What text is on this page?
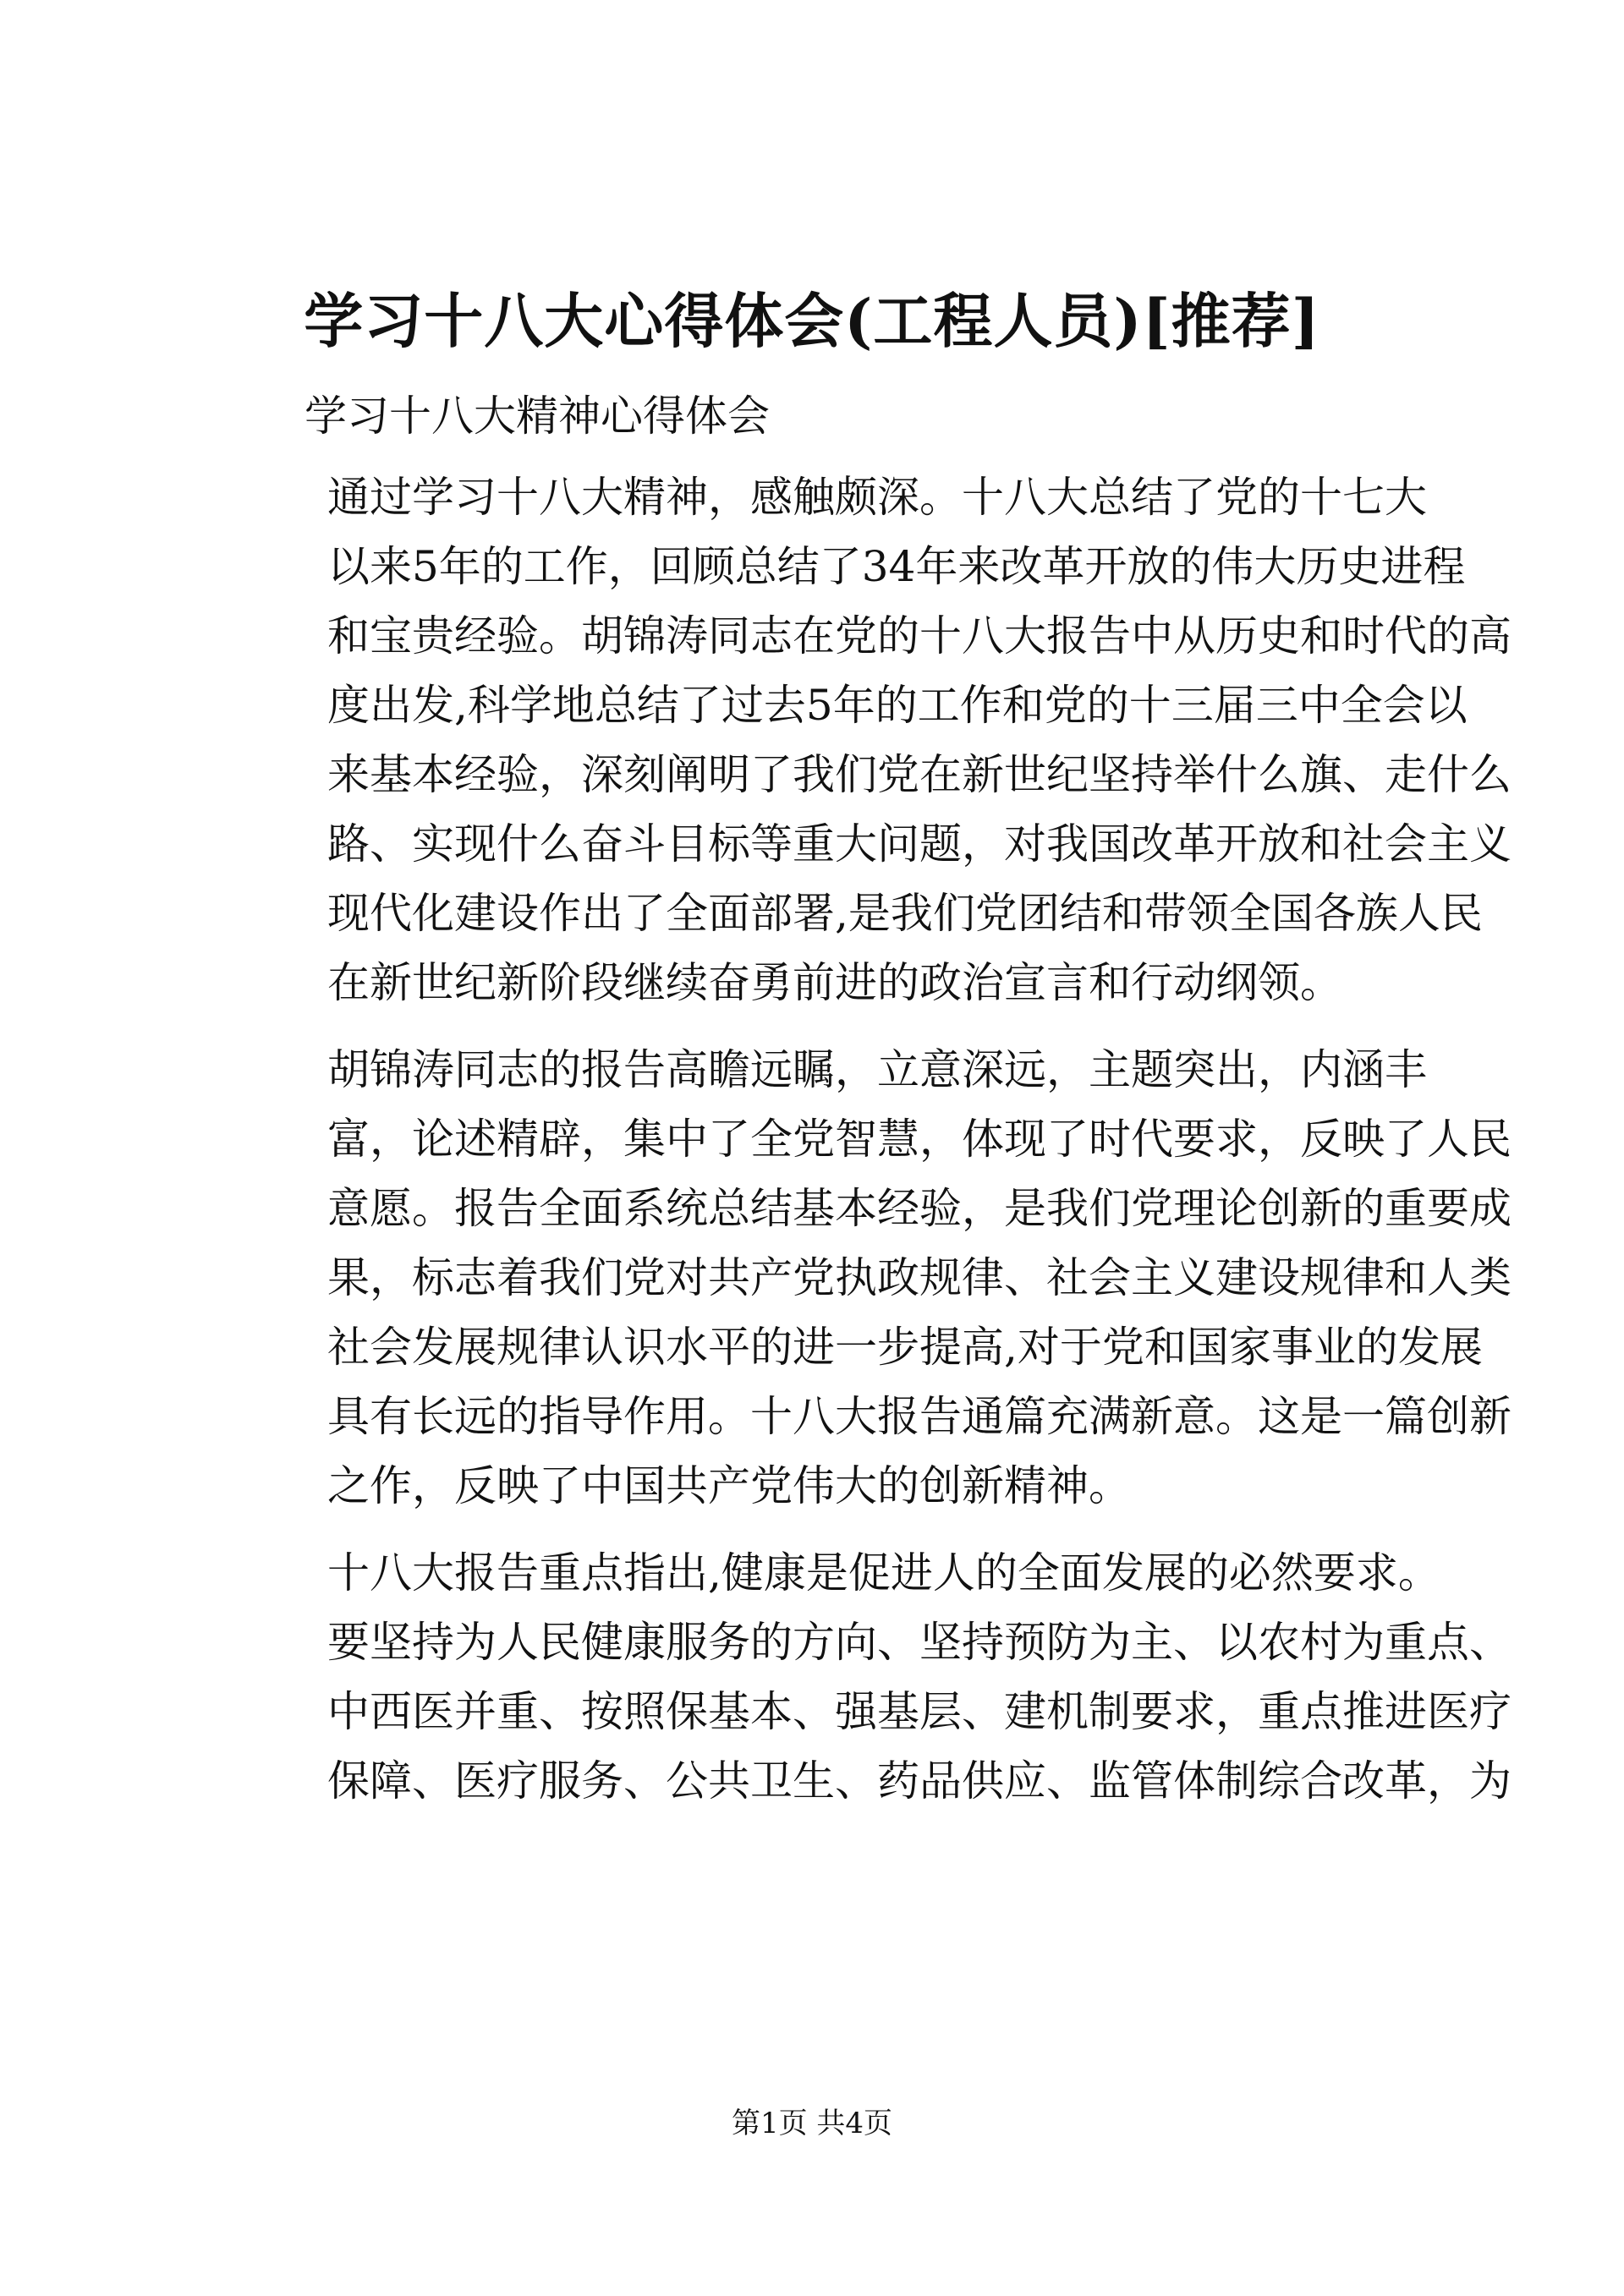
学习十八大心得体会(工程人员)[推荐]

学习十八大精神心得体会

通过学习十八大精神，感触颇深。十八大总结了党的十七大
以来5年的工作，回顾总结了34年来改革开放的伟大历史进程
和宝贵经验。胡锦涛同志在党的十八大报告中从历史和时代的高
度出发,科学地总结了过去5年的工作和党的十三届三中全会以
来基本经验，深刻阐明了我们党在新世纪坚持举什么旗、走什么
路、实现什么奋斗目标等重大问题，对我国改革开放和社会主义
现代化建设作出了全面部署,是我们党团结和带领全国各族人民
在新世纪新阶段继续奋勇前进的政治宣言和行动纲领。

胡锦涛同志的报告高瞻远瞩，立意深远，主题突出，内涵丰
富，论述精辟，集中了全党智慧，体现了时代要求，反映了人民
意愿。报告全面系统总结基本经验，是我们党理论创新的重要成
果，标志着我们党对共产党执政规律、社会主义建设规律和人类
社会发展规律认识水平的进一步提高,对于党和国家事业的发展
具有长远的指导作用。十八大报告通篇充满新意。这是一篇创新
之作，反映了中国共产党伟大的创新精神。

十八大报告重点指出,健康是促进人的全面发展的必然要求。
要坚持为人民健康服务的方向、坚持预防为主、以农村为重点、
中西医并重、按照保基本、强基层、建机制要求，重点推进医疗
保障、医疗服务、公共卫生、药品供应、监管体制综合改革，为

第1页 共4页
